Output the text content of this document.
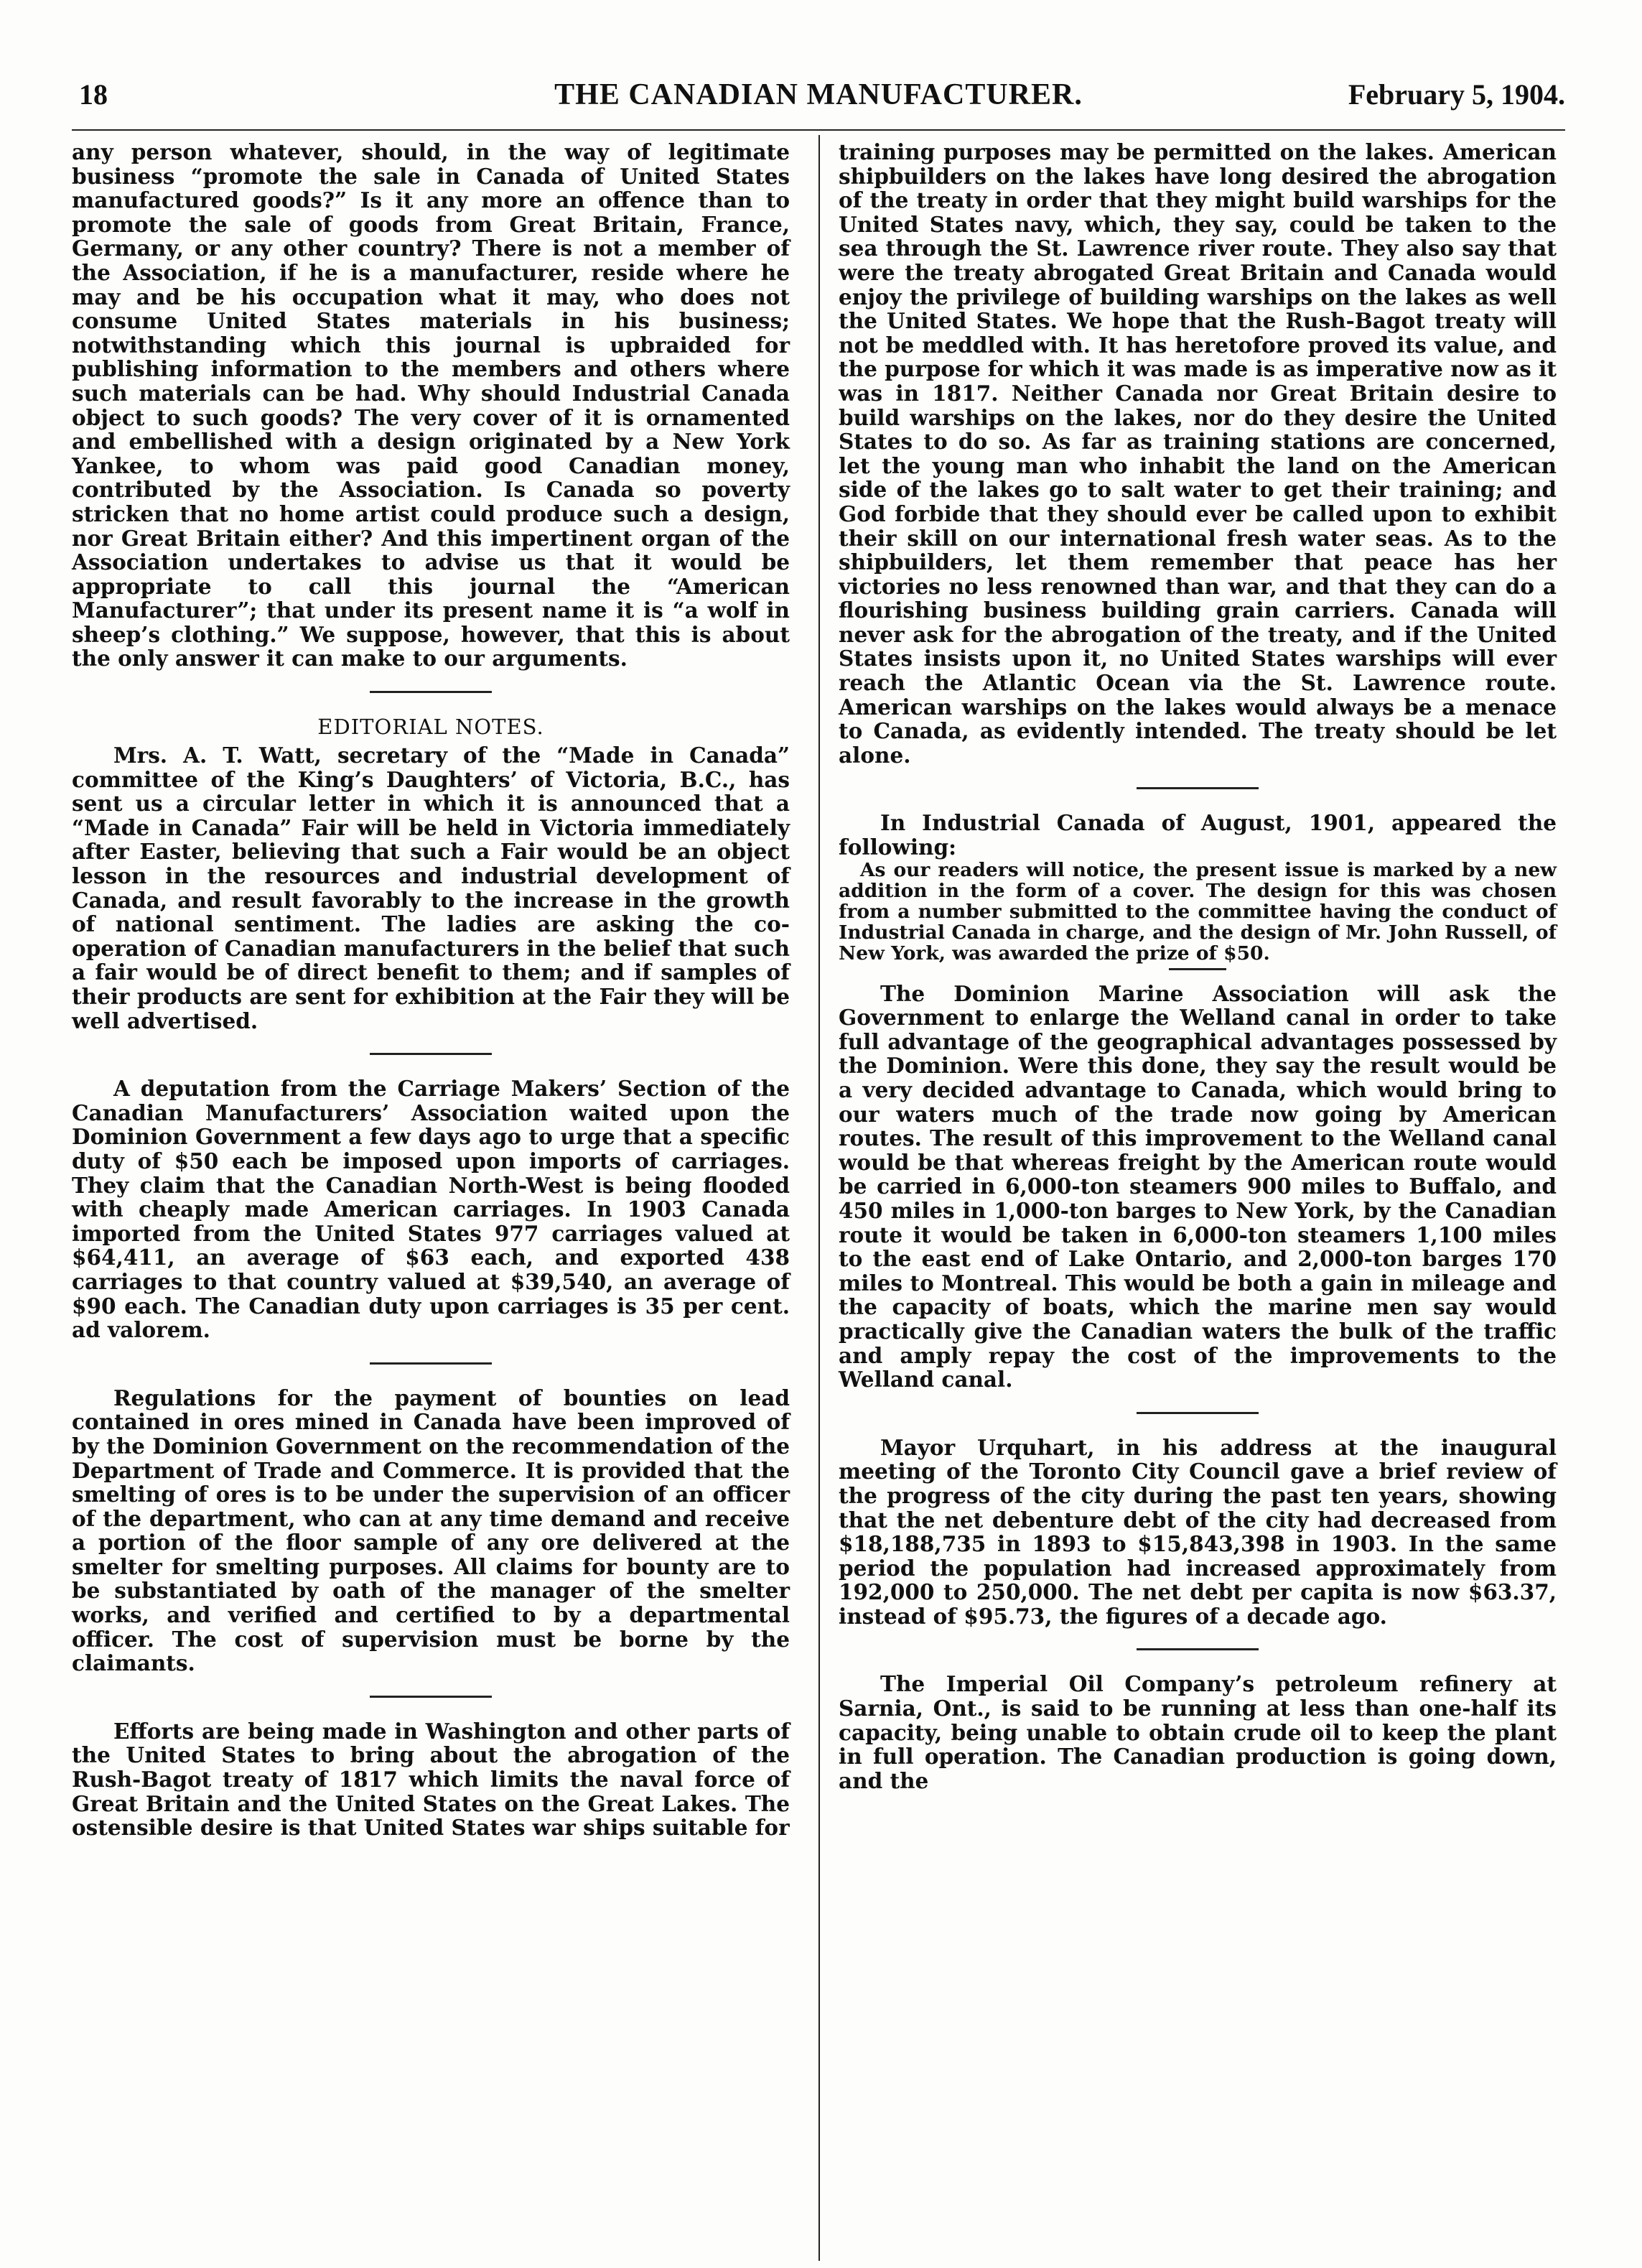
18	THE CANADIAN MANUFACTURER.	February 5, 1904.

any person whatever, should, in the way of legitimate business “promote the sale in Canada of United States manufactured goods?” Is it any more an offence than to promote the sale of goods from Great Britain, France, Germany, or any other country? There is not a member of the Association, if he is a manufacturer, reside where he may and be his occupation what it may, who does not consume United States materials in his business; notwithstanding which this journal is upbraided for publishing information to the members and others where such materials can be had. Why should Industrial Canada object to such goods? The very cover of it is ornamented and embellished with a design originated by a New York Yankee, to whom was paid good Canadian money, contributed by the Association. Is Canada so poverty stricken that no home artist could produce such a design, nor Great Britain either? And this impertinent organ of the Association undertakes to advise us that it would be appropriate to call this journal the “American Manufacturer”; that under its present name it is “a wolf in sheep’s clothing.” We suppose, however, that this is about the only answer it can make to our arguments.

EDITORIAL NOTES.

Mrs. A. T. Watt, secretary of the “Made in Canada” committee of the King’s Daughters’ of Victoria, B.C., has sent us a circular letter in which it is announced that a “Made in Canada” Fair will be held in Victoria immediately after Easter, believing that such a Fair would be an object lesson in the resources and industrial development of Canada, and result favorably to the increase in the growth of national sentiment. The ladies are asking the co-operation of Canadian manufacturers in the belief that such a fair would be of direct benefit to them; and if samples of their products are sent for exhibition at the Fair they will be well advertised.

A deputation from the Carriage Makers’ Section of the Canadian Manufacturers’ Association waited upon the Dominion Government a few days ago to urge that a specific duty of $50 each be imposed upon imports of carriages. They claim that the Canadian North-West is being flooded with cheaply made American carriages. In 1903 Canada imported from the United States 977 carriages valued at $64,411, an average of $63 each, and exported 438 carriages to that country valued at $39,540, an average of $90 each. The Canadian duty upon carriages is 35 per cent. ad valorem.

Regulations for the payment of bounties on lead contained in ores mined in Canada have been improved of by the Dominion Government on the recommendation of the Department of Trade and Commerce. It is provided that the smelting of ores is to be under the supervision of an officer of the department, who can at any time demand and receive a portion of the floor sample of any ore delivered at the smelter for smelting purposes. All claims for bounty are to be substantiated by oath of the manager of the smelter works, and verified and certified to by a departmental officer. The cost of supervision must be borne by the claimants.

Efforts are being made in Washington and other parts of the United States to bring about the abrogation of the Rush-Bagot treaty of 1817 which limits the naval force of Great Britain and the United States on the Great Lakes. The ostensible desire is that United States war ships suitable for

training purposes may be permitted on the lakes. American shipbuilders on the lakes have long desired the abrogation of the treaty in order that they might build warships for the United States navy, which, they say, could be taken to the sea through the St. Lawrence river route. They also say that were the treaty abrogated Great Britain and Canada would enjoy the privilege of building warships on the lakes as well the United States. We hope that the Rush-Bagot treaty will not be meddled with. It has heretofore proved its value, and the purpose for which it was made is as imperative now as it was in 1817. Neither Canada nor Great Britain desire to build warships on the lakes, nor do they desire the United States to do so. As far as training stations are concerned, let the young man who inhabit the land on the American side of the lakes go to salt water to get their training; and God forbide that they should ever be called upon to exhibit their skill on our international fresh water seas. As to the shipbuilders, let them remember that peace has her victories no less renowned than war, and that they can do a flourishing business building grain carriers. Canada will never ask for the abrogation of the treaty, and if the United States insists upon it, no United States warships will ever reach the Atlantic Ocean via the St. Lawrence route. American warships on the lakes would always be a menace to Canada, as evidently intended. The treaty should be let alone.

In Industrial Canada of August, 1901, appeared the following:

As our readers will notice, the present issue is marked by a new addition in the form of a cover. The design for this was chosen from a number submitted to the committee having the conduct of Industrial Canada in charge, and the design of Mr. John Russell, of New York, was awarded the prize of $50.

The Dominion Marine Association will ask the Government to enlarge the Welland canal in order to take full advantage of the geographical advantages possessed by the Dominion. Were this done, they say the result would be a very decided advantage to Canada, which would bring to our waters much of the trade now going by American routes. The result of this improvement to the Welland canal would be that whereas freight by the American route would be carried in 6,000-ton steamers 900 miles to Buffalo, and 450 miles in 1,000-ton barges to New York, by the Canadian route it would be taken in 6,000-ton steamers 1,100 miles to the east end of Lake Ontario, and 2,000-ton barges 170 miles to Montreal. This would be both a gain in mileage and the capacity of boats, which the marine men say would practically give the Canadian waters the bulk of the traffic and amply repay the cost of the improvements to the Welland canal.

Mayor Urquhart, in his address at the inaugural meeting of the Toronto City Council gave a brief review of the progress of the city during the past ten years, showing that the net debenture debt of the city had decreased from $18,188,735 in 1893 to $15,843,398 in 1903. In the same period the population had increased approximately from 192,000 to 250,000. The net debt per capita is now $63.37, instead of $95.73, the figures of a decade ago.

The Imperial Oil Company’s petroleum refinery at Sarnia, Ont., is said to be running at less than one-half its capacity, being unable to obtain crude oil to keep the plant in full operation. The Canadian production is going down, and the
